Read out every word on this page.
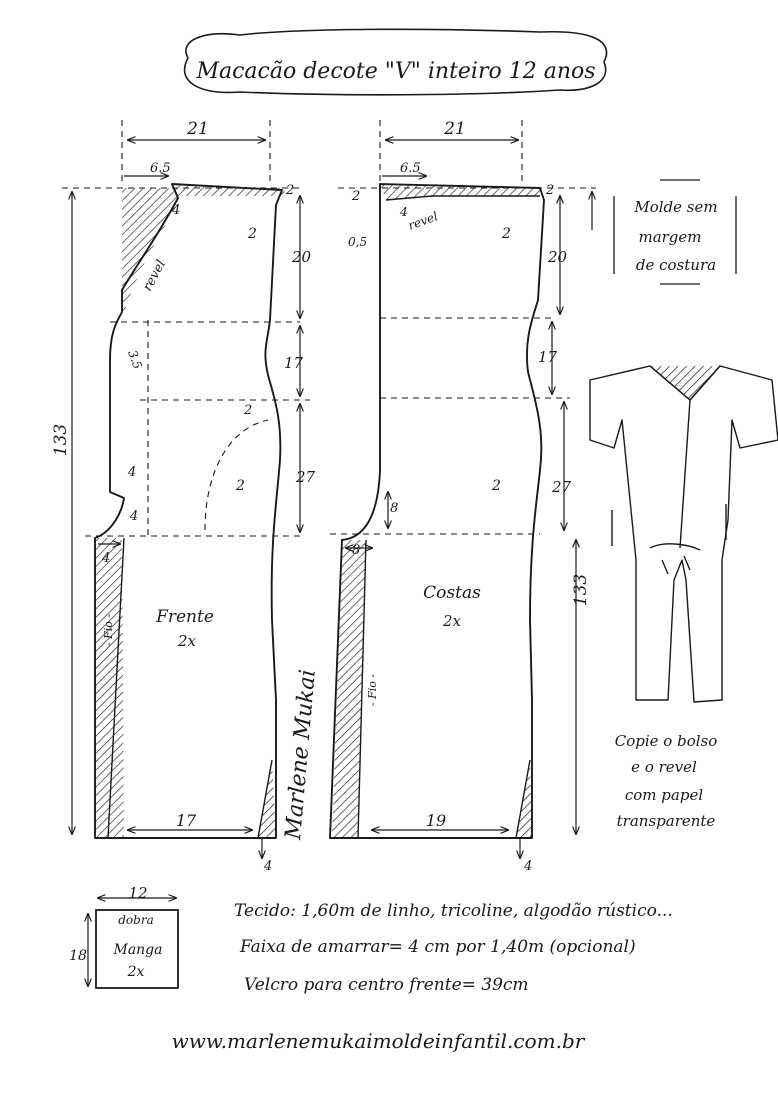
Macacão decote "V" inteiro 12 anos
21
6.5
4
2
2
revel
3.5
20
2
17
2	27
4
4
133
4
- Fio - Frente
2x
17
4
Marlene Mukai
21
6.5
4
2
2
0,5
revel
2
20
17
2	27
8
8
133
- Fio -
Costas
2x
19
4
Molde sem
margem
de costura
Copie o bolso
e o revel
com papel
transparente
12
dobra
18 Manga
2x
Tecido: 1,60m de linho, tricoline, algodão rústico...
Faixa de amarrar= 4 cm por 1,40m (opcional)
Velcro para centro frente= 39cm
www.marlenemukaimoldeinfantil.com.br
